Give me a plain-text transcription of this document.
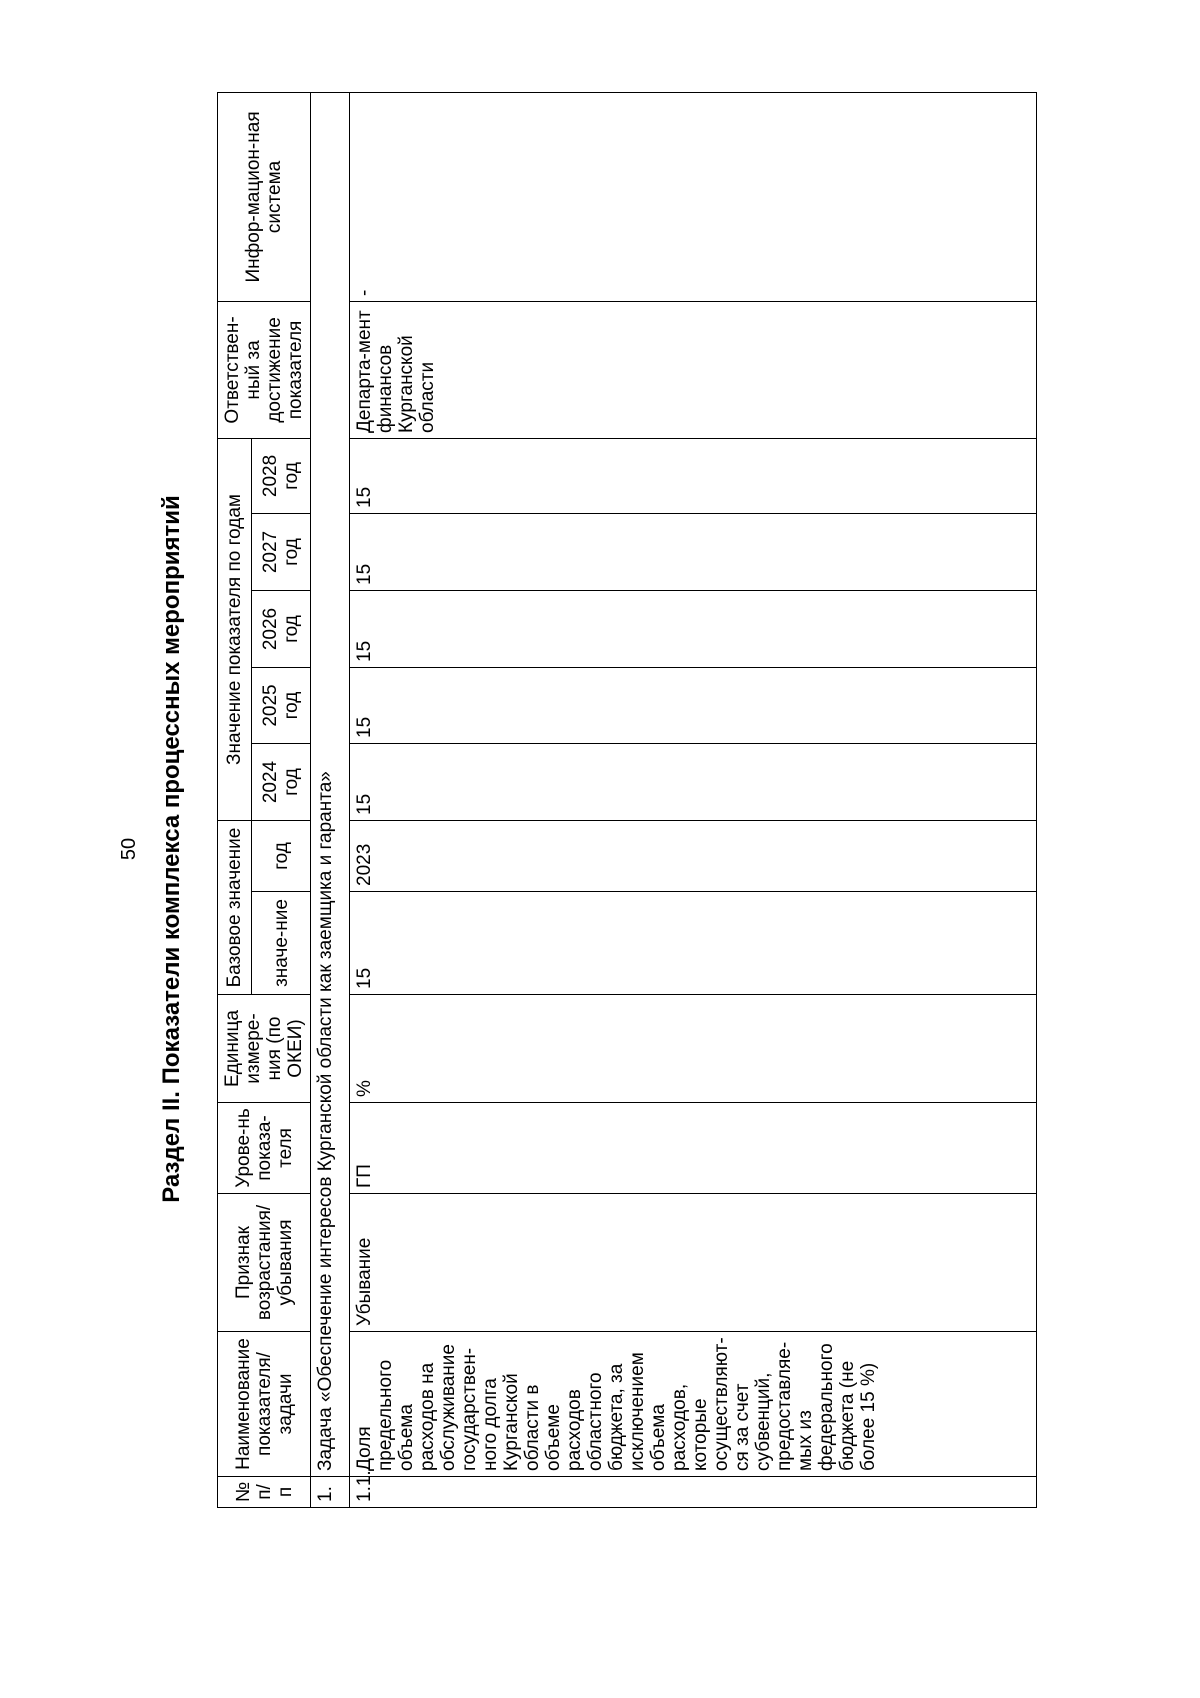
50 Раздел II. Показатели комплекса процессных мероприятий
№ п/п	Наименование показателя/ задачи	Признак возрастания/ убывания	Урове-нь показа-теля	Единица измере-ния (по ОКЕИ)	Базовое значение		Значение показателя по годам					Ответствен-ный за достижение показателя	Инфор-мацион-ная система
					значе-ние	год	2024 год	2025 год	2026 год	2027 год	2028 год		
1.	Задача «Обеспечение интересов Курганской области как заемщика и гаранта»												
1.1.	Доля предельного объема расходов на обслуживание государствен-ного долга Курганской области в объеме расходов областного бюджета, за исключением объема расходов, которые осуществляют-ся за счет субвенций, предоставляе-мых из федерального бюджета (не более 15 %)	Убывание	ГП	%	15	2023	15	15	15	15	15	Департа-мент финансов Курганской области	-
